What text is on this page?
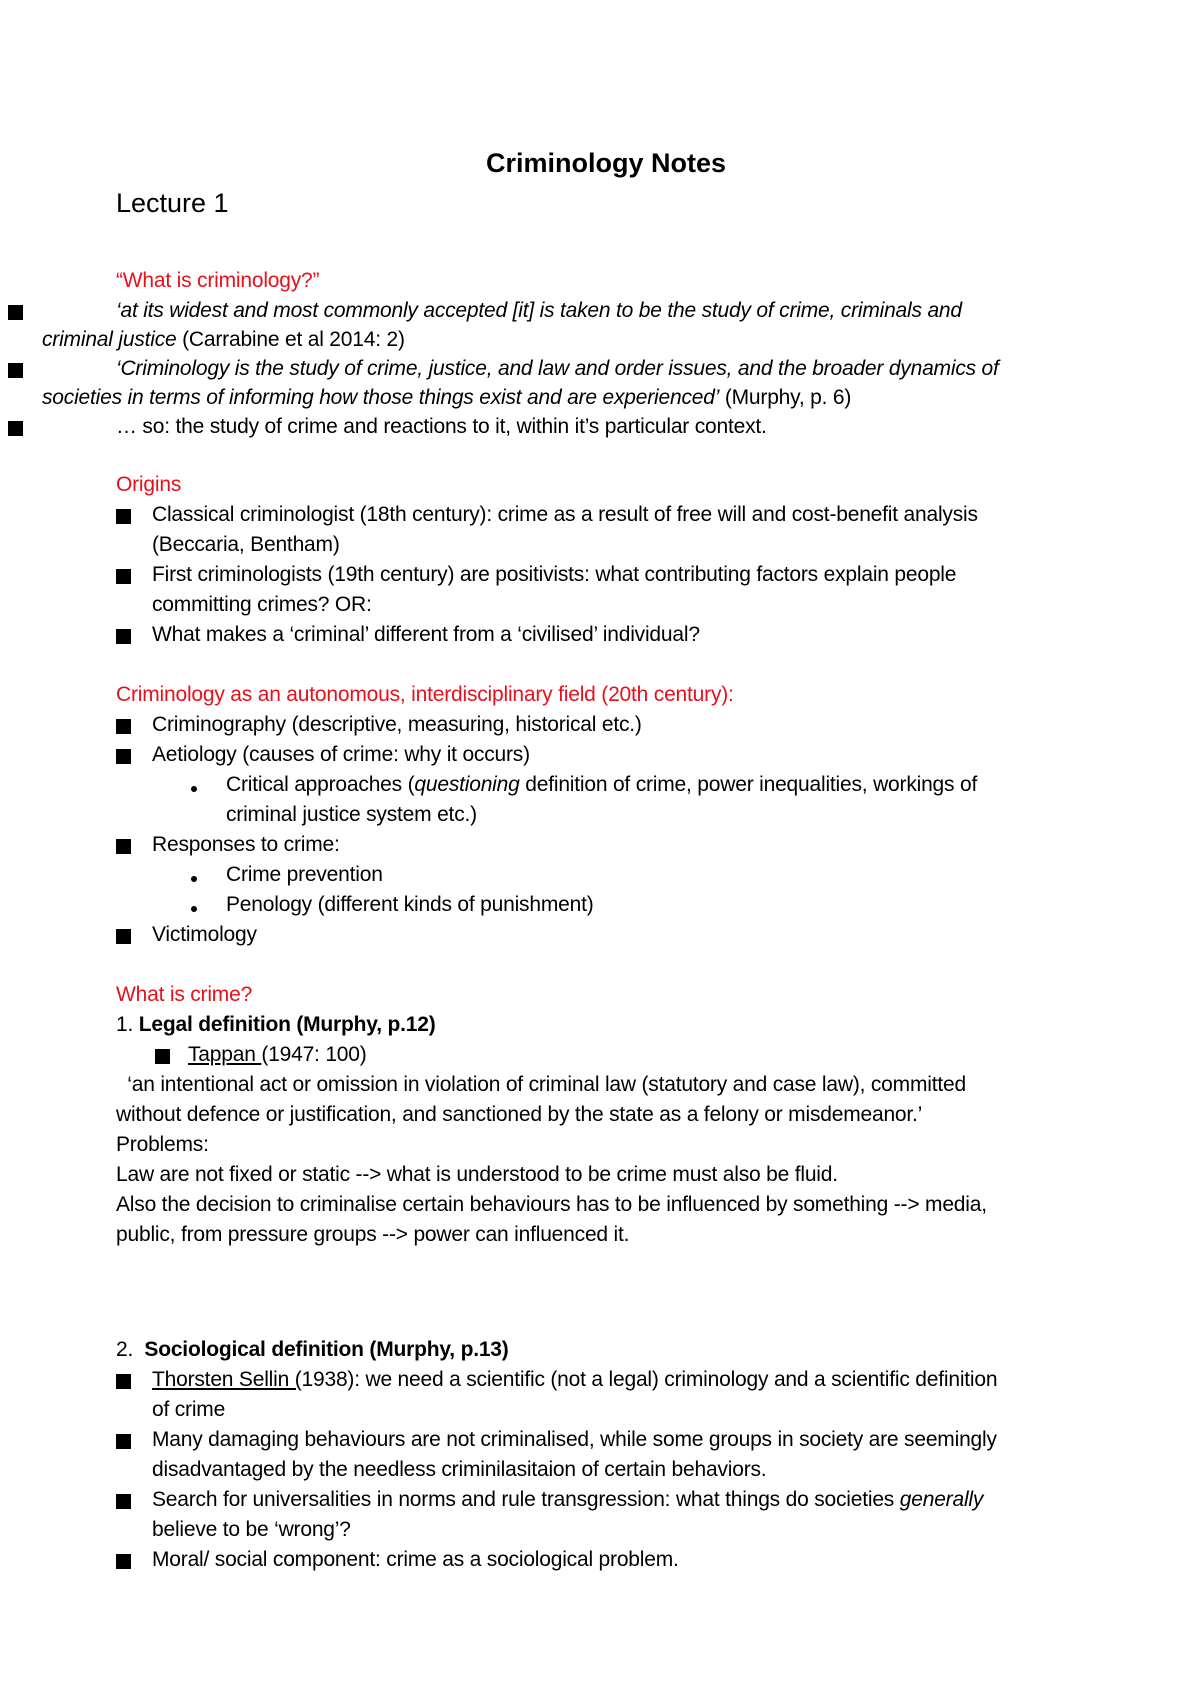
Criminology Notes
Lecture 1
“What is criminology?”
‘at its widest and most commonly accepted [it] is taken to be the study of crime, criminals and
criminal justice (Carrabine et al 2014: 2)
‘Criminology is the study of crime, justice, and law and order issues, and the broader dynamics of
societies in terms of informing how those things exist and are experienced’ (Murphy, p. 6)
… so: the study of crime and reactions to it, within it’s particular context.
Origins
Classical criminologist (18th century): crime as a result of free will and cost-benefit analysis
(Beccaria, Bentham)
First criminologists (19th century) are positivists: what contributing factors explain people
committing crimes? OR:
What makes a ‘criminal’ different from a ‘civilised’ individual?
Criminology as an autonomous, interdisciplinary field (20th century):
Criminography (descriptive, measuring, historical etc.)
Aetiology (causes of crime: why it occurs)
Critical approaches (questioning definition of crime, power inequalities, workings of
criminal justice system etc.)
Responses to crime:
Crime prevention
Penology (different kinds of punishment)
Victimology
What is crime?
1. Legal definition (Murphy, p.12)
Tappan (1947: 100)
‘an intentional act or omission in violation of criminal law (statutory and case law), committed
without defence or justification, and sanctioned by the state as a felony or misdemeanor.’
Problems:
Law are not fixed or static --> what is understood to be crime must also be fluid.
Also the decision to criminalise certain behaviours has to be influenced by something --> media,
public, from pressure groups --> power can influenced it.
2.  Sociological definition (Murphy, p.13)
Thorsten Sellin (1938): we need a scientific (not a legal) criminology and a scientific definition
of crime
Many damaging behaviours are not criminalised, while some groups in society are seemingly
disadvantaged by the needless criminilasitaion of certain behaviors.
Search for universalities in norms and rule transgression: what things do societies generally
believe to be ‘wrong’?
Moral/ social component: crime as a sociological problem.
